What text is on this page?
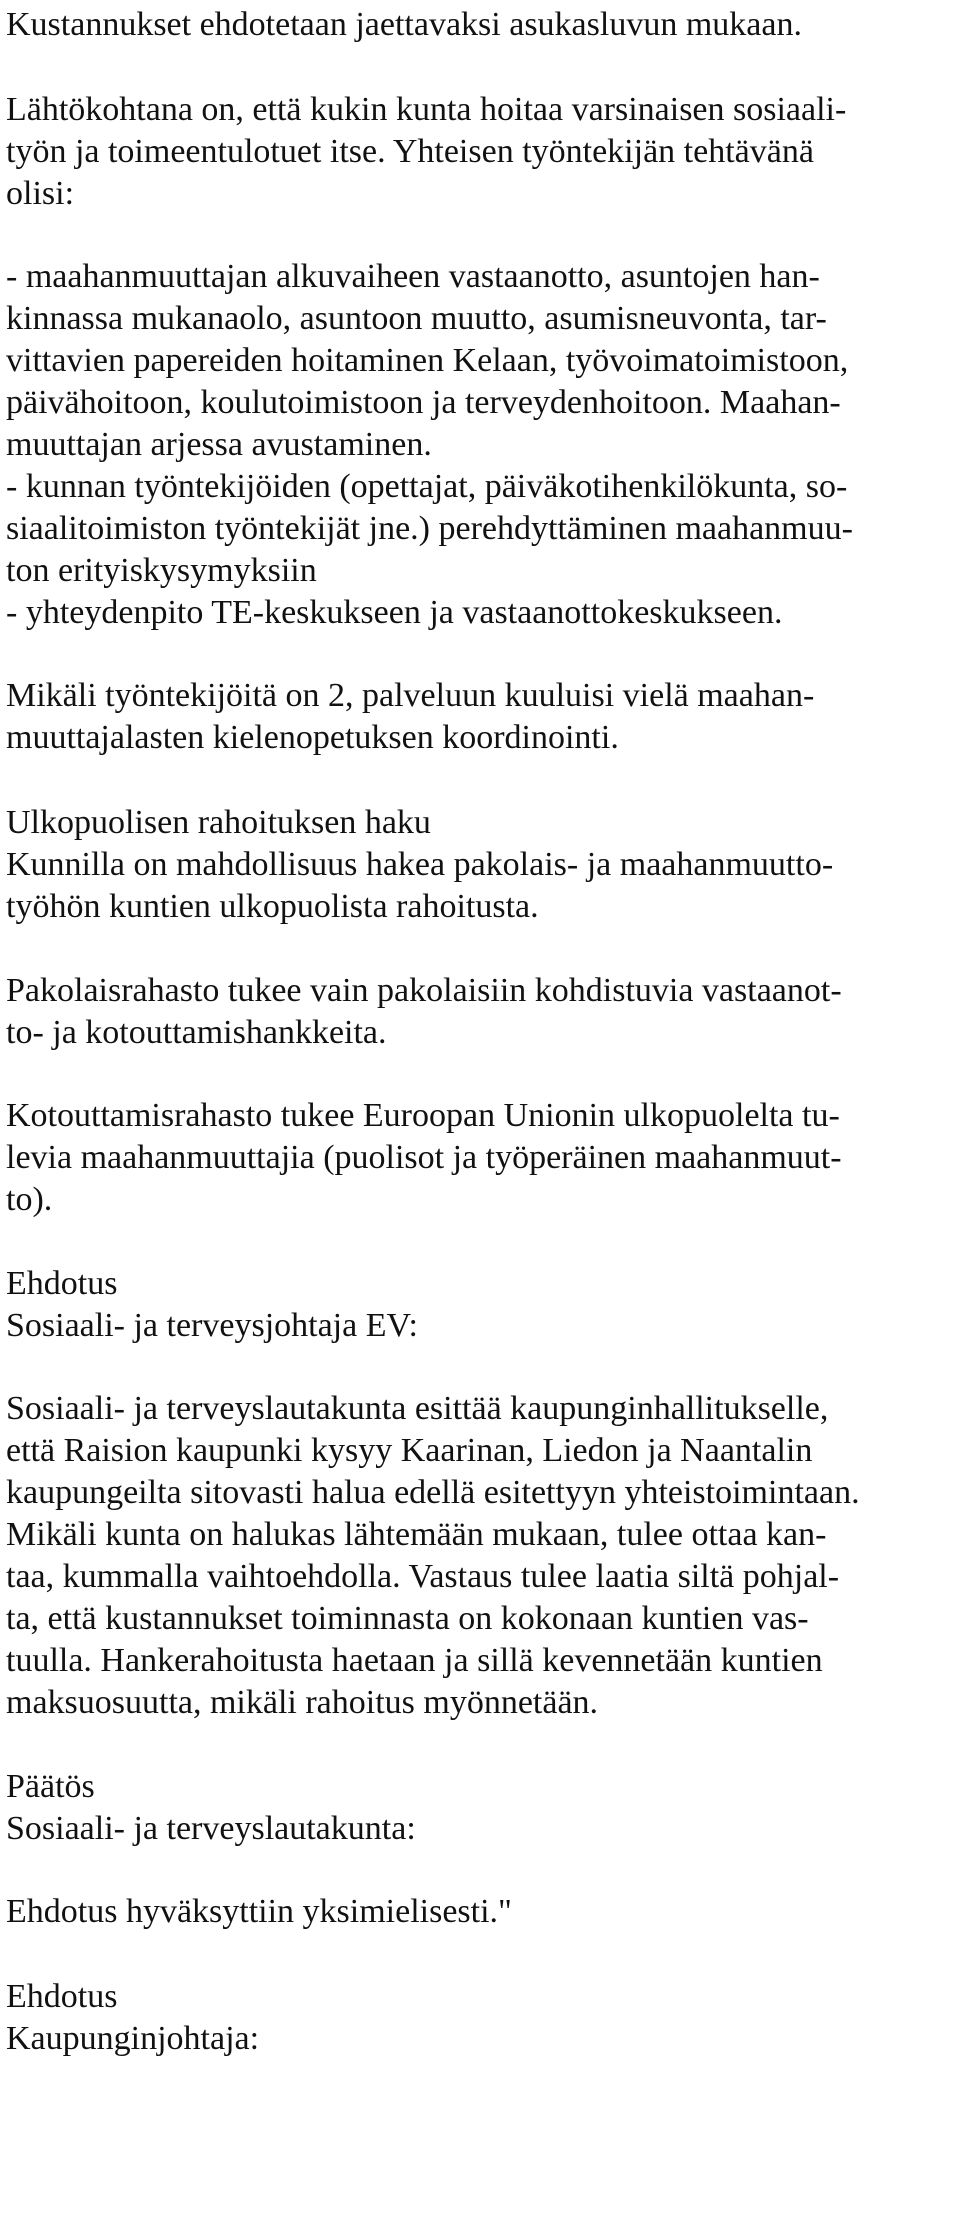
Kustannukset ehdotetaan jaettavaksi asukasluvun mukaan.

Lähtökohtana on, että kukin kunta hoitaa varsinaisen sosiaali-

työn ja toimeentulotuet itse. Yhteisen työntekijän tehtävänä

olisi:

- maahanmuuttajan alkuvaiheen vastaanotto, asuntojen han-

kinnassa mukanaolo, asuntoon muutto, asumisneuvonta, tar-

vittavien papereiden hoitaminen Kelaan, työvoimatoimistoon,

päivähoitoon, koulutoimistoon ja terveydenhoitoon. Maahan-

muuttajan arjessa avustaminen.

- kunnan työntekijöiden (opettajat, päiväkotihenkilökunta, so-

siaalitoimiston työntekijät jne.) perehdyttäminen maahanmuu-

ton erityiskysymyksiin

- yhteydenpito TE-keskukseen ja vastaanottokeskukseen.

Mikäli työntekijöitä on 2, palveluun kuuluisi vielä maahan-

muuttajalasten kielenopetuksen koordinointi.

Ulkopuolisen rahoituksen haku

Kunnilla on mahdollisuus hakea pakolais- ja maahanmuutto-

työhön kuntien ulkopuolista rahoitusta.

Pakolaisrahasto tukee vain pakolaisiin kohdistuvia vastaanot-

to- ja kotouttamishankkeita.

Kotouttamisrahasto tukee Euroopan Unionin ulkopuolelta tu-

levia maahanmuuttajia (puolisot ja työperäinen maahanmuut-

to).

Ehdotus

Sosiaali- ja terveysjohtaja EV:

Sosiaali- ja terveyslautakunta esittää kaupunginhallitukselle,

että Raision kaupunki kysyy Kaarinan, Liedon ja Naantalin

kaupungeilta sitovasti halua edellä esitettyyn yhteistoimintaan.

Mikäli kunta on halukas lähtemään mukaan, tulee ottaa kan-

taa, kummalla vaihtoehdolla. Vastaus tulee laatia siltä pohjal-

ta, että kustannukset toiminnasta on kokonaan kuntien vas-

tuulla. Hankerahoitusta haetaan ja sillä kevennetään kuntien

maksuosuutta, mikäli rahoitus myönnetään.

Päätös

Sosiaali- ja terveyslautakunta:

Ehdotus hyväksyttiin yksimielisesti."

Ehdotus

Kaupunginjohtaja:
